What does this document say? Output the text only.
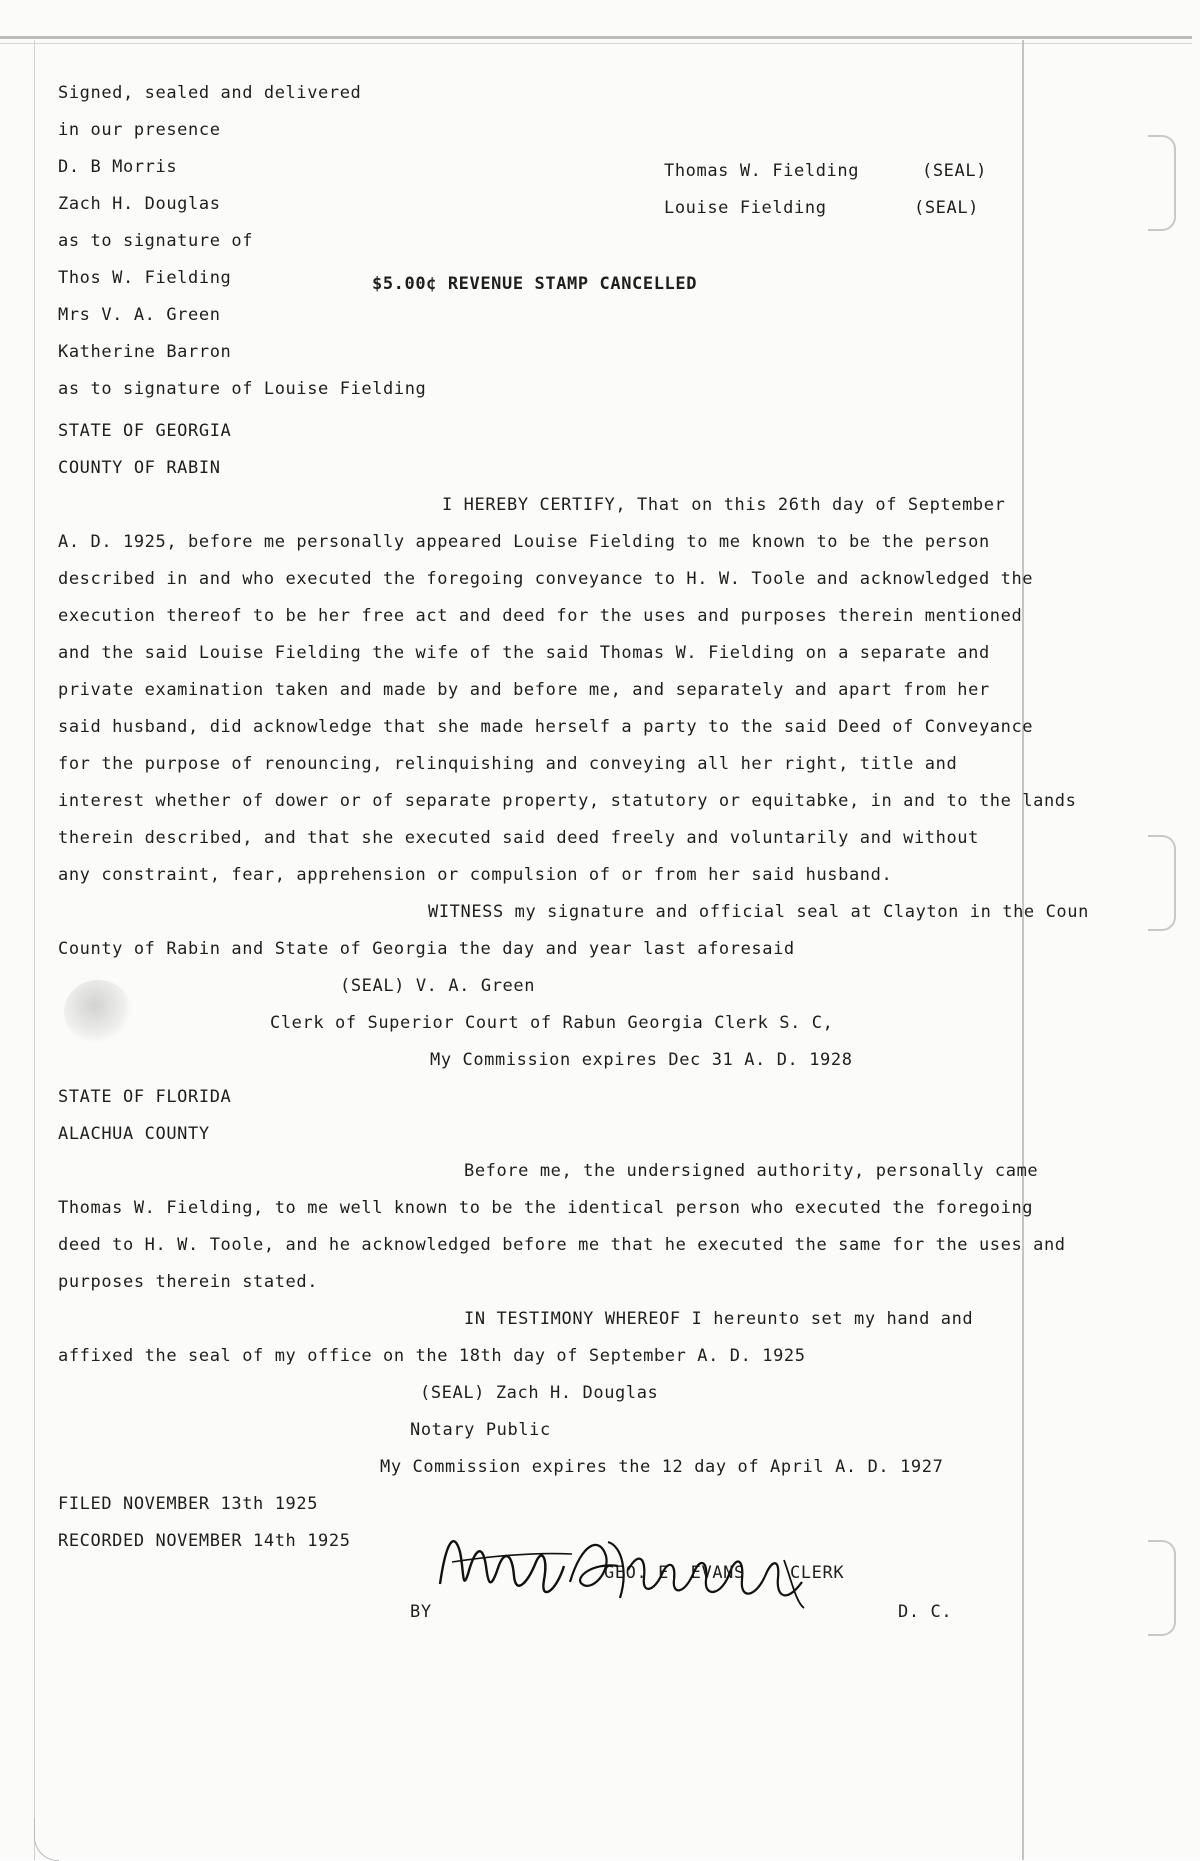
Signed, sealed and delivered
in our presence
D. B Morris
Zach H. Douglas
as to signature of
Thos W. Fielding
Mrs V. A. Green
Katherine Barron
as to signature of Louise Fielding
Thomas W. Fielding	(SEAL)
Louise Fielding	(SEAL)
$5.00¢ REVENUE STAMP CANCELLED
STATE OF GEORGIA
COUNTY OF RABIN
I HEREBY CERTIFY, That on this 26th day of September
A. D. 1925, before me personally appeared Louise Fielding to me known to be the person
described in and who executed the foregoing conveyance to H. W. Toole and acknowledged the
execution thereof to be her free act and deed for the uses and purposes therein mentioned
and the said Louise Fielding the wife of the said Thomas W. Fielding on a separate and
private examination taken and made by and before me, and separately and apart from her
said husband, did acknowledge that she made herself a party to the said Deed of Conveyance
for the purpose of renouncing, relinquishing and conveying all her right, title and
interest whether of dower or of separate property, statutory or equitabke, in and to the lands
therein described, and that she executed said deed freely and voluntarily and without
any constraint, fear, apprehension or compulsion of or from her said husband.
WITNESS my signature and official seal at Clayton in the Coun
County of Rabin and State of Georgia the day and year last aforesaid
(SEAL) V. A. Green
Clerk of Superior Court of Rabun Georgia Clerk S. C,
My Commission expires Dec 31 A. D. 1928
STATE OF FLORIDA
ALACHUA COUNTY
Before me, the undersigned authority, personally came
Thomas W. Fielding, to me well known to be the identical person who executed the foregoing
deed to H. W. Toole, and he acknowledged before me that he executed the same for the uses and
purposes therein stated.
IN TESTIMONY WHEREOF I hereunto set my hand and
affixed the seal of my office on the 18th day of September A. D. 1925
(SEAL) Zach H. Douglas
Notary Public
My Commission expires the 12 day of April A. D. 1927
FILED NOVEMBER 13th 1925
RECORDED NOVEMBER 14th 1925
GEO. E. EVANS	CLERK
BY	D. C.
